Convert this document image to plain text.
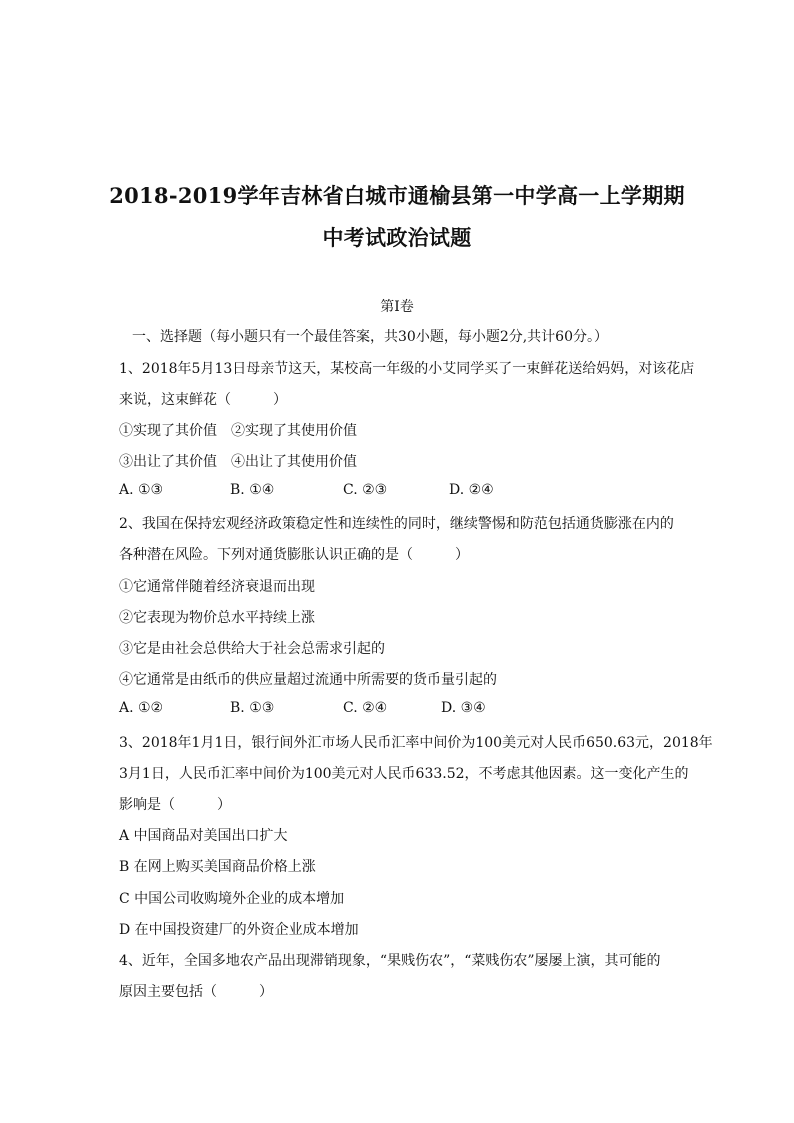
2018-2019学年吉林省白城市通榆县第一中学高一上学期期
中考试政治试题
第Ⅰ卷
一、选择题（每小题只有一个最佳答案，共30小题，每小题2分,共计60分。）
1、2018年5月13日母亲节这天，某校高一年级的小艾同学买了一束鲜花送给妈妈，对该花店
来说，这束鲜花（　　　）
①实现了其价值　②实现了其使用价值
③出让了其价值　④出让了其使用价值
A. ①③	B. ①④	C. ②③	D. ②④
2、我国在保持宏观经济政策稳定性和连续性的同时，继续警惕和防范包括通货膨涨在内的
各种潜在风险。下列对通货膨胀认识正确的是（　　　）
①它通常伴随着经济衰退而出现
②它表现为物价总水平持续上涨
③它是由社会总供给大于社会总需求引起的
④它通常是由纸币的供应量超过流通中所需要的货币量引起的
A. ①②	B. ①③	C. ②④	D. ③④
3、2018年1月1日，银行间外汇市场人民币汇率中间价为100美元对人民币650.63元，2018年
3月1日，人民币汇率中间价为100美元对人民币633.52，不考虑其他因素。这一变化产生的
影响是（　　　）
A 中国商品对美国出口扩大
B 在网上购买美国商品价格上涨
C 中国公司收购境外企业的成本增加
D 在中国投资建厂的外资企业成本增加
4、近年，全国多地农产品出现滞销现象，“果贱伤农”，“菜贱伤农”屡屡上演，其可能的
原因主要包括（　　　）
